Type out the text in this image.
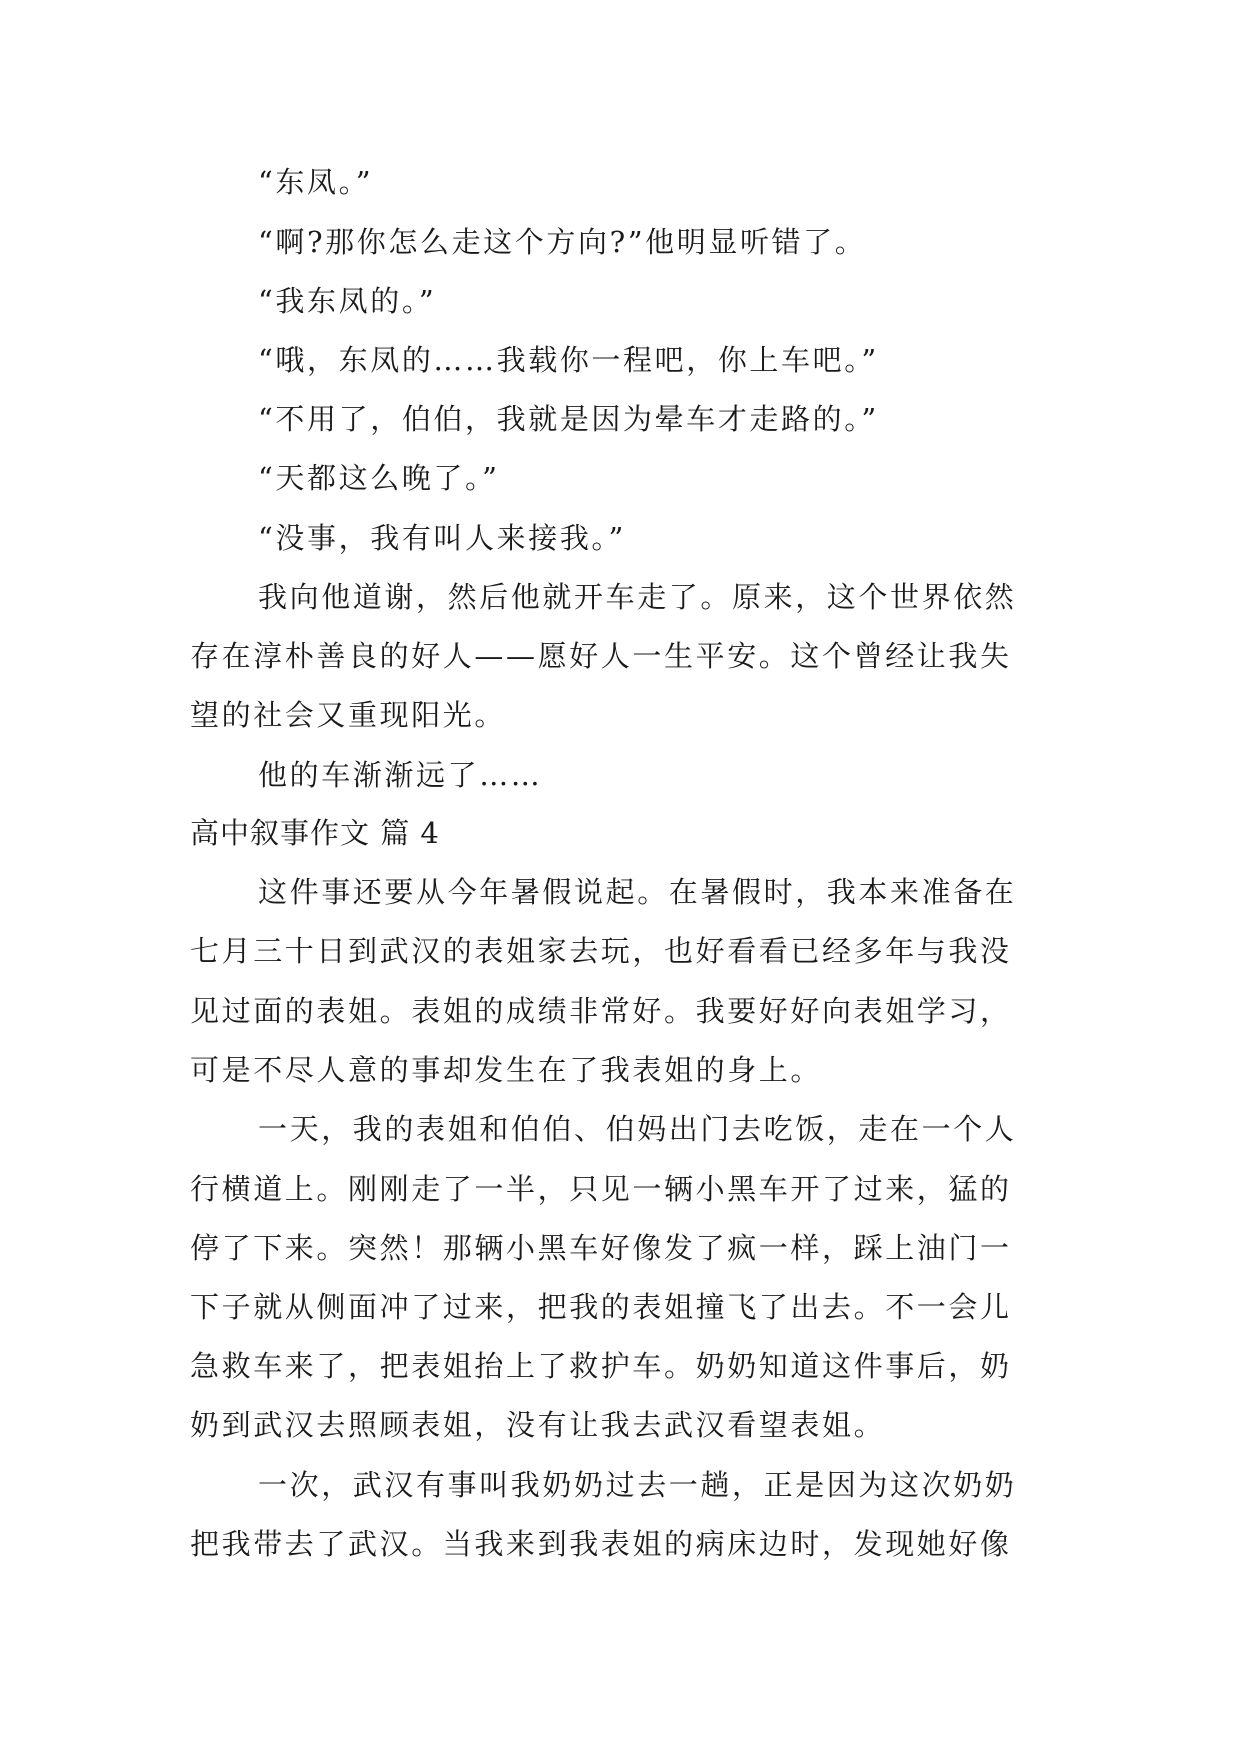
“东凤。”
“啊?那你怎么走这个方向?”他明显听错了。
“我东凤的。”
“哦，东凤的……我载你一程吧，你上车吧。”
“不用了，伯伯，我就是因为晕车才走路的。”
“天都这么晚了。”
“没事，我有叫人来接我。”
我向他道谢，然后他就开车走了。原来，这个世界依然
存在淳朴善良的好人——愿好人一生平安。这个曾经让我失
望的社会又重现阳光。
他的车渐渐远了……
高中叙事作文 篇 4
这件事还要从今年暑假说起。在暑假时，我本来准备在
七月三十日到武汉的表姐家去玩，也好看看已经多年与我没
见过面的表姐。表姐的成绩非常好。我要好好向表姐学习，
可是不尽人意的事却发生在了我表姐的身上。
一天，我的表姐和伯伯、伯妈出门去吃饭，走在一个人
行横道上。刚刚走了一半，只见一辆小黑车开了过来，猛的
停了下来。突然！那辆小黑车好像发了疯一样，踩上油门一
下子就从侧面冲了过来，把我的表姐撞飞了出去。不一会儿
急救车来了，把表姐抬上了救护车。奶奶知道这件事后，奶
奶到武汉去照顾表姐，没有让我去武汉看望表姐。
一次，武汉有事叫我奶奶过去一趟，正是因为这次奶奶
把我带去了武汉。当我来到我表姐的病床边时，发现她好像
